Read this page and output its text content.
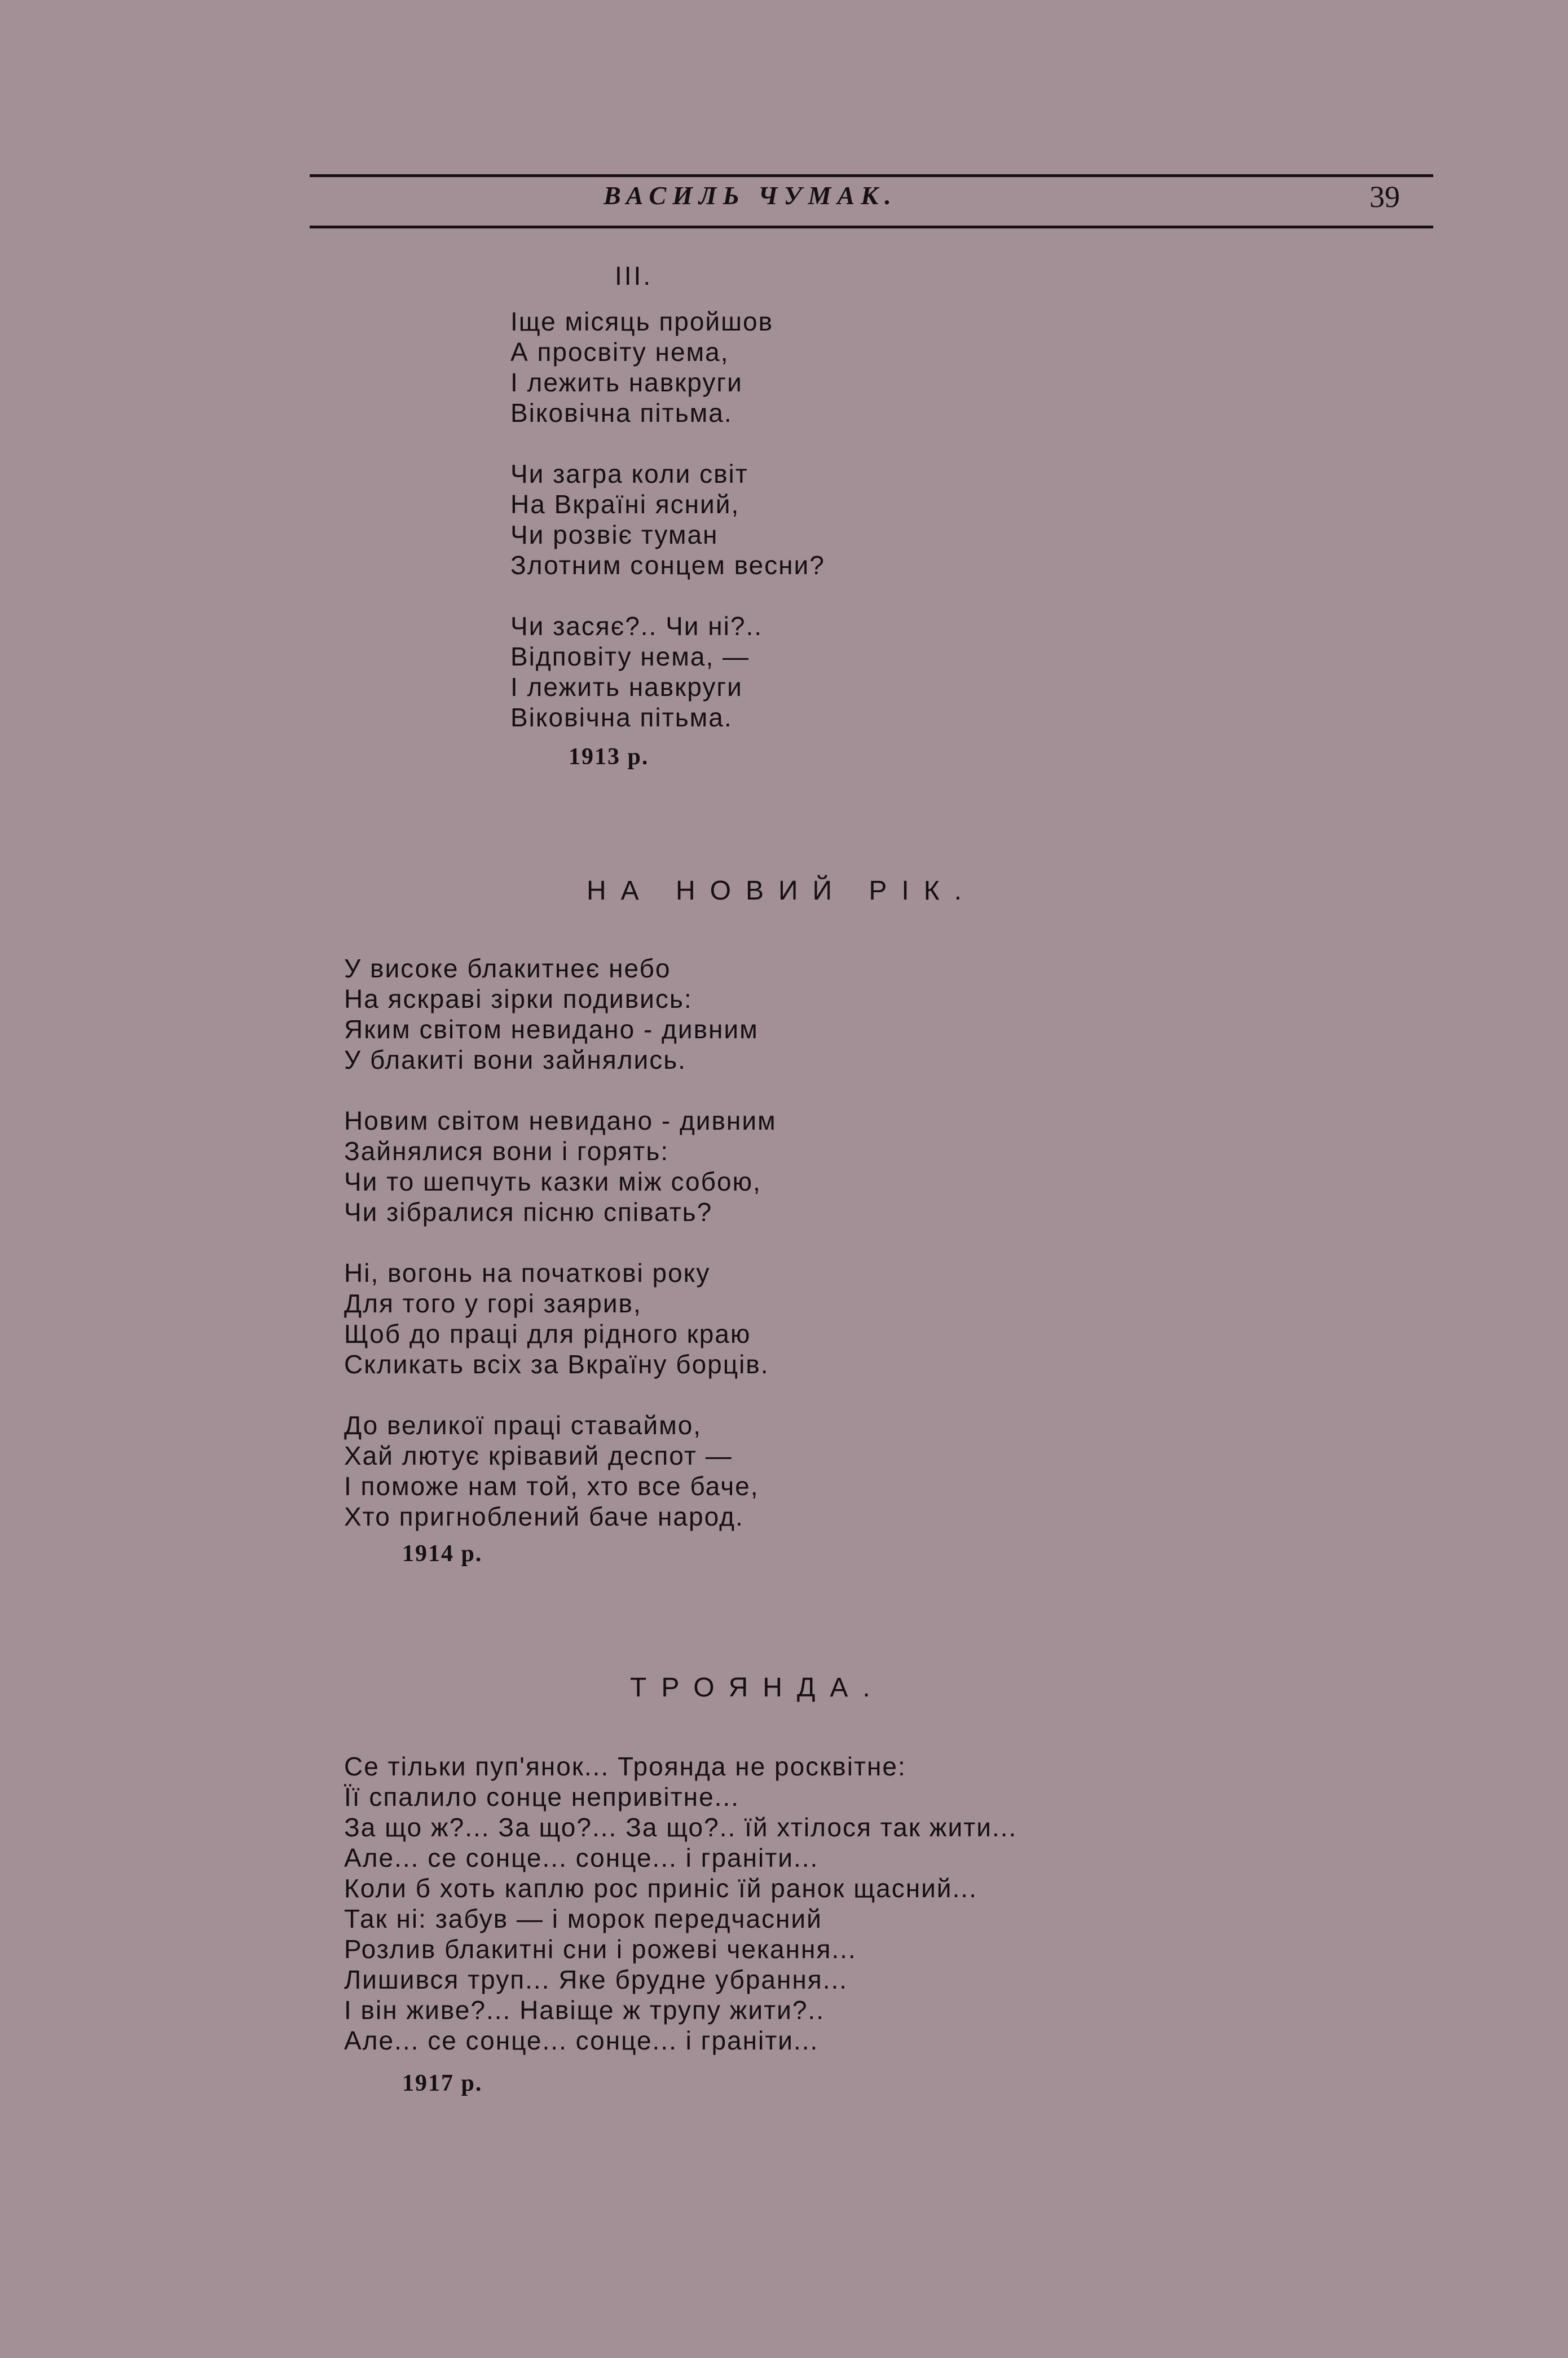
ВАСИЛЬ ЧУМАК.	39
III.
Іще місяць пройшов
А просвіту нема,
І лежить навкруги
Віковічна пітьма.
Чи загра коли світ
На Вкраїні ясний,
Чи розвіє туман
Злотним сонцем весни?
Чи засяє?.. Чи ні?..
Відповіту нема, —
І лежить навкруги
Віковічна пітьма.
1913 р.
НА НОВИЙ РІК.
У високе блакитнеє небо
На яскраві зірки подивись:
Яким світом невидано - дивним
У блакиті вони зайнялись.
Новим світом невидано - дивним
Зайнялися вони і горять:
Чи то шепчуть казки між собою,
Чи зібралися пісню співать?
Ні, вогонь на початкові року
Для того у горі заярив,
Щоб до праці для рідного краю
Скликать всіх за Вкраїну борців.
До великої праці ставаймо,
Хай лютує крівавий деспот —
І поможе нам той, хто все баче,
Хто пригноблений баче народ.
1914 р.
ТРОЯНДА.
Се тільки пуп'янок... Троянда не росквітне:
Її спалило сонце непривітне...
За що ж?... За що?... За що?.. їй хтілося так жити...
Але... се сонце... сонце... і граніти...
Коли б хоть каплю рос приніс їй ранок щасний...
Так ні: забув — і морок передчасний
Розлив блакитні сни і рожеві чекання...
Лишився труп... Яке брудне убрання...
І він живе?... Навіще ж трупу жити?..
Але... се сонце... сонце... і граніти...
1917 р.
